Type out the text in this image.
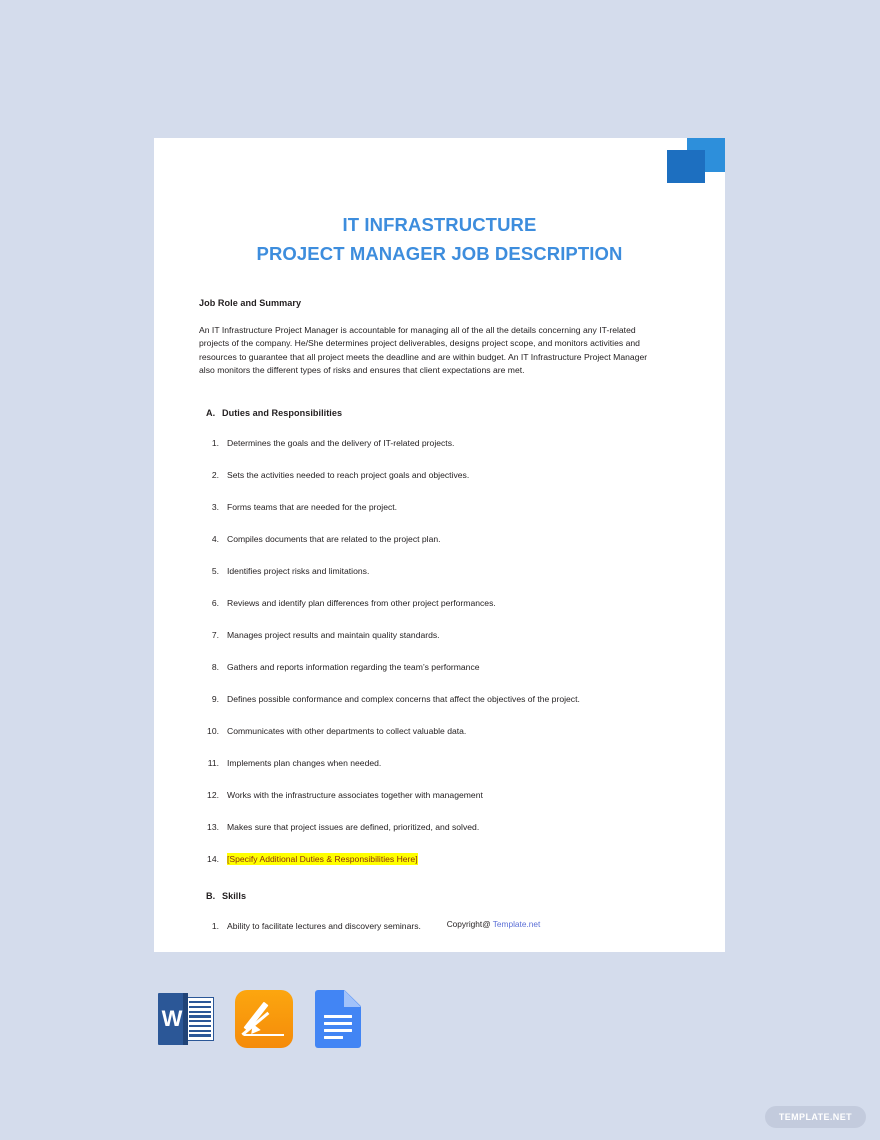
IT INFRASTRUCTURE
PROJECT MANAGER JOB DESCRIPTION
Job Role and Summary

An IT Infrastructure Project Manager is accountable for managing all of the all the details concerning any IT-related projects of the company. He/She determines project deliverables, designs project scope, and monitors activities and resources to guarantee that all project meets the deadline and are within budget. An IT Infrastructure Project Manager also monitors the different types of risks and ensures that client expectations are met.

A. Duties and Responsibilities
1. Determines the goals and the delivery of IT-related projects.
2. Sets the activities needed to reach project goals and objectives.
3. Forms teams that are needed for the project.
4. Compiles documents that are related to the project plan.
5. Identifies project risks and limitations.
6. Reviews and identify plan differences from other project performances.
7. Manages project results and maintain quality standards.
8. Gathers and reports information regarding the team’s performance
9. Defines possible conformance and complex concerns that affect the objectives of the project.
10. Communicates with other departments to collect valuable data.
11. Implements plan changes when needed.
12. Works with the infrastructure associates together with management
13. Makes sure that project issues are defined, prioritized, and solved.
14. [Specify Additional Duties & Responsibilities Here]
B. Skills
1. Ability to facilitate lectures and discovery seminars.	Copyright@ Template.net
W
TEMPLATE.NET
